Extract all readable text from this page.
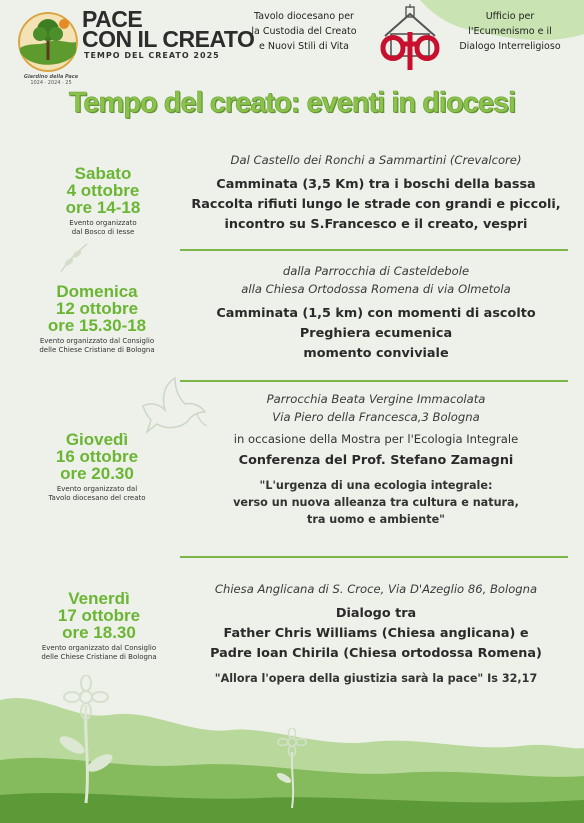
PACE
CON IL CREATO
TEMPO DEL CREATO 2025
Giardino della Pace
1024 · 2024 · 25
Tavolo diocesano per
la Custodia del Creato
e Nuovi Stili di Vita
Ufficio per
l'Ecumenismo e il
Dialogo Interreligioso
Tempo del creato: eventi in diocesi
Sabato
4 ottobre
ore 14-18
Evento organizzato
dal Bosco di Iesse
Dal Castello dei Ronchi a Sammartini (Crevalcore)
Camminata (3,5 Km) tra i boschi della bassa
Raccolta rifiuti lungo le strade con grandi e piccoli,
incontro su S.Francesco e il creato, vespri
Domenica
12 ottobre
ore 15.30-18
Evento organizzato dal Consiglio
delle Chiese Cristiane di Bologna
dalla Parrocchia di Casteldebole
alla Chiesa Ortodossa Romena di via Olmetola
Camminata (1,5 km) con momenti di ascolto
Preghiera ecumenica
momento conviviale
Giovedì
16 ottobre
ore 20.30
Evento organizzato dal
Tavolo diocesano del creato
Parrocchia Beata Vergine Immacolata
Via Piero della Francesca,3 Bologna
in occasione della Mostra per l'Ecologia Integrale
Conferenza del Prof. Stefano Zamagni
"L'urgenza di una ecologia integrale:
verso un nuova alleanza tra cultura e natura,
tra uomo e ambiente"
Venerdì
17 ottobre
ore 18.30
Evento organizzato dal Consiglio
delle Chiese Cristiane di Bologna
Chiesa Anglicana di S. Croce, Via D'Azeglio 86, Bologna
Dialogo tra
Father Chris Williams (Chiesa anglicana) e
Padre Ioan Chirila (Chiesa ortodossa Romena)
"Allora l'opera della giustizia sarà la pace" Is 32,17
